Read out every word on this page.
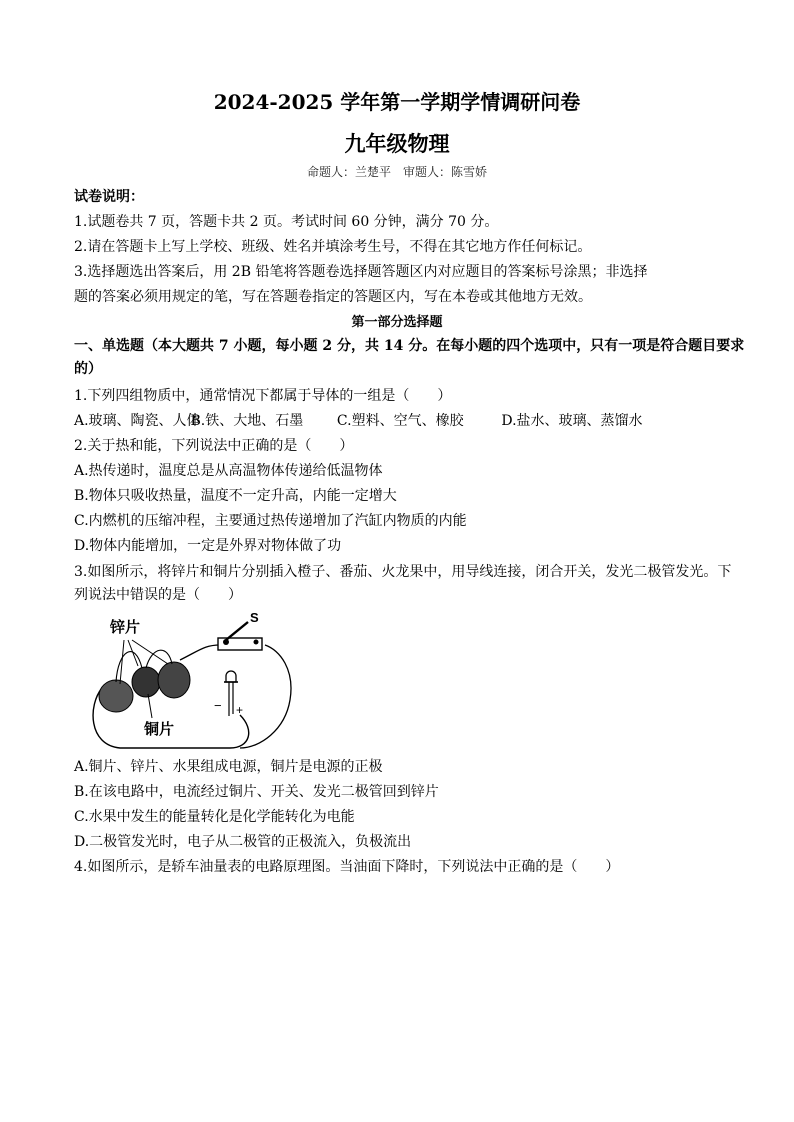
2024-2025 学年第一学期学情调研问卷
九年级物理
命题人：兰楚平　审题人：陈雪娇
试卷说明：
1.试题卷共 7 页，答题卡共 2 页。考试时间 60 分钟，满分 70 分。
2.请在答题卡上写上学校、班级、姓名并填涂考生号，不得在其它地方作任何标记。
3.选择题选出答案后，用 2B 铅笔将答题卷选择题答题区内对应题目的答案标号涂黑；非选择
题的答案必须用规定的笔，写在答题卷指定的答题区内，写在本卷或其他地方无效。
第一部分选择题
一、单选题（本大题共 7 小题，每小题 2 分，共 14 分。在每小题的四个选项中，只有一项是符合题目要求
的）
1.下列四组物质中，通常情况下都属于导体的一组是（　　）
A.玻璃、陶瓷、人体 B.铁、大地、石墨 C.塑料、空气、橡胶	D.盐水、玻璃、蒸馏水
2.关于热和能，下列说法中正确的是（　　）
A.热传递时，温度总是从高温物体传递给低温物体
B.物体只吸收热量，温度不一定升高，内能一定增大
C.内燃机的压缩冲程，主要通过热传递增加了汽缸内物质的内能
D.物体内能增加，一定是外界对物体做了功
3.如图所示，将锌片和铜片分别插入橙子、番茄、火龙果中，用导线连接，闭合开关，发光二极管发光。下
列说法中错误的是（　　）
S
− +
锌片
铜片
A.铜片、锌片、水果组成电源，铜片是电源的正极
B.在该电路中，电流经过铜片、开关、发光二极管回到锌片
C.水果中发生的能量转化是化学能转化为电能
D.二极管发光时，电子从二极管的正极流入，负极流出
4.如图所示，是轿车油量表的电路原理图。当油面下降时，下列说法中正确的是（　　）
